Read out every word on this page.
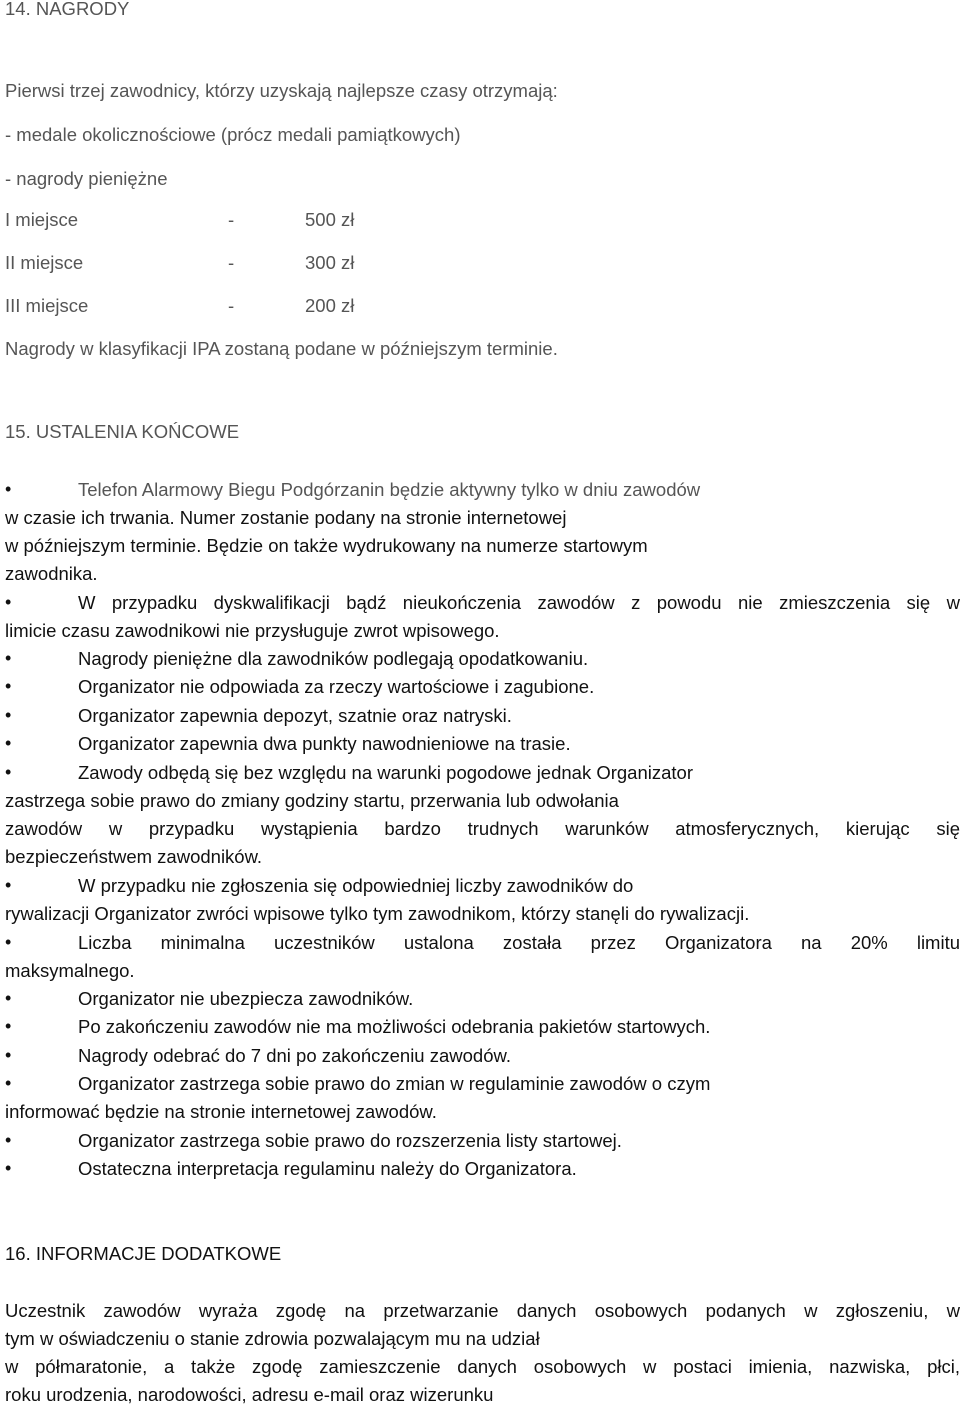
14. NAGRODY
Pierwsi trzej zawodnicy, którzy uzyskają najlepsze czasy otrzymają:
- medale okolicznościowe (prócz medali pamiątkowych)
- nagrody pieniężne
I miejsce	-	500 zł
II miejsce	-	300 zł
III miejsce	-	200 zł
Nagrody w klasyfikacji IPA zostaną podane w późniejszym terminie.
15. USTALENIA KOŃCOWE
•	Telefon Alarmowy Biegu Podgórzanin będzie aktywny tylko w dniu zawodów
w czasie ich trwania. Numer zostanie podany na stronie internetowej
w późniejszym terminie. Będzie on także wydrukowany na numerze startowym
zawodnika.
•	W przypadku dyskwalifikacji bądź nieukończenia zawodów z powodu nie zmieszczenia się w
limicie czasu zawodnikowi nie przysługuje zwrot wpisowego.
•	Nagrody pieniężne dla zawodników podlegają opodatkowaniu.
•	Organizator nie odpowiada za rzeczy wartościowe i zagubione.
•	Organizator zapewnia depozyt, szatnie oraz natryski.
•	Organizator zapewnia dwa punkty nawodnieniowe na trasie.
•	Zawody odbędą się bez względu na warunki pogodowe jednak Organizator
zastrzega sobie prawo do zmiany godziny startu, przerwania lub odwołania
zawodów w przypadku wystąpienia bardzo trudnych warunków atmosferycznych, kierując się
bezpieczeństwem zawodników.
•	W przypadku nie zgłoszenia się odpowiedniej liczby zawodników do
rywalizacji Organizator zwróci wpisowe tylko tym zawodnikom, którzy stanęli do rywalizacji.
•	Liczba minimalna uczestników ustalona została przez Organizatora na 20% limitu
maksymalnego.
•	Organizator nie ubezpiecza zawodników.
•	Po zakończeniu zawodów nie ma możliwości odebrania pakietów startowych.
•	Nagrody odebrać do 7 dni po zakończeniu zawodów.
•	Organizator zastrzega sobie prawo do zmian w regulaminie zawodów o czym
informować będzie na stronie internetowej zawodów.
•	Organizator zastrzega sobie prawo do rozszerzenia listy startowej.
•	Ostateczna interpretacja regulaminu należy do Organizatora.
16. INFORMACJE DODATKOWE
Uczestnik zawodów wyraża zgodę na przetwarzanie danych osobowych podanych w zgłoszeniu, w
tym w oświadczeniu o stanie zdrowia pozwalającym mu na udział
w półmaratonie, a także zgodę zamieszczenie danych osobowych w postaci imienia, nazwiska, płci,
roku urodzenia, narodowości, adresu e-mail oraz wizerunku
